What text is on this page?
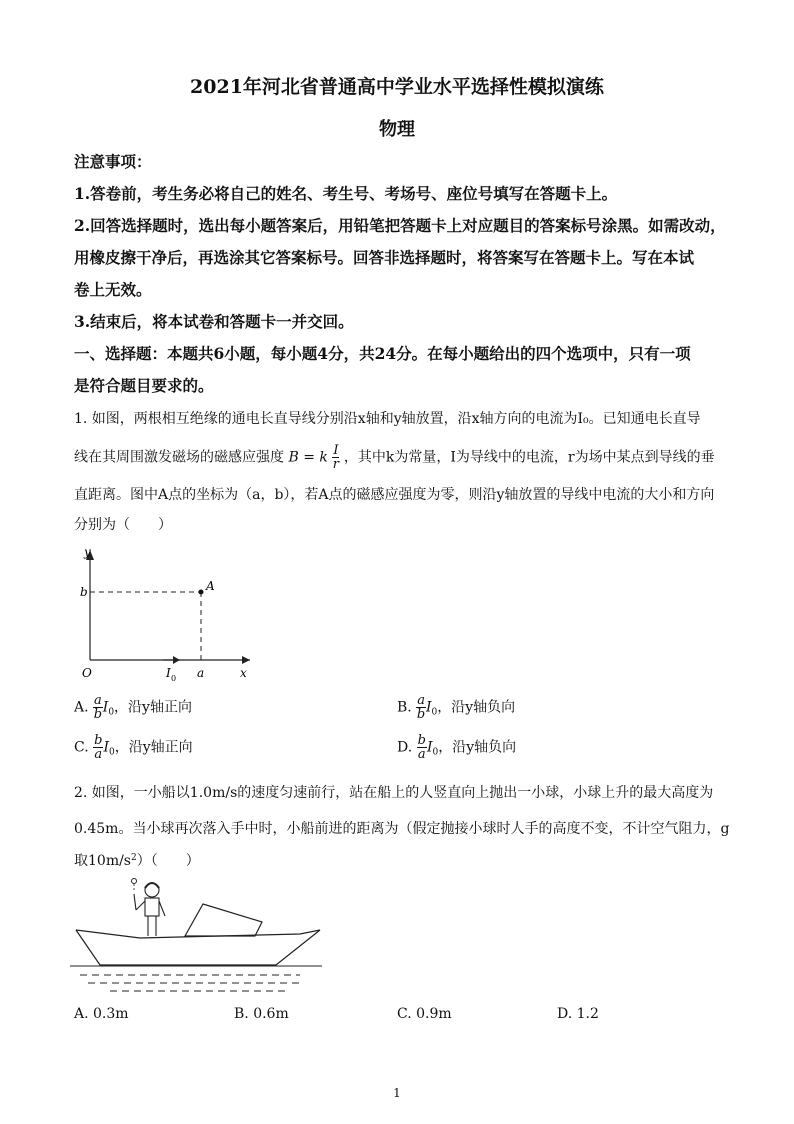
2021年河北省普通高中学业水平选择性模拟演练
物理
注意事项：
1.答卷前，考生务必将自己的姓名、考生号、考场号、座位号填写在答题卡上。
2.回答选择题时，选出每小题答案后，用铅笔把答题卡上对应题目的答案标号涂黑。如需改动，
用橡皮擦干净后，再选涂其它答案标号。回答非选择题时，将答案写在答题卡上。写在本试
卷上无效。
3.结束后，将本试卷和答题卡一并交回。
一、选择题：本题共6小题，每小题4分，共24分。在每小题给出的四个选项中，只有一项
是符合题目要求的。
1. 如图，两根相互绝缘的通电长直导线分别沿x轴和y轴放置，沿x轴方向的电流为I₀。已知通电长直导
线在其周围激发磁场的磁感应强度 B = k $\frac{I}{r}$ ，其中k为常量，I为导线中的电流，r为场中某点到导线的垂
直距离。图中A点的坐标为（a，b），若A点的磁感应强度为零，则沿y轴放置的导线中电流的大小和方向
分别为（　　）
y
x
O
b
a
A
I 0
A. $\frac{a}{b} I_0$，沿y轴正向	B. $\frac{a}{b} I_0$，沿y轴负向
C. $\frac{b}{a} I_0$，沿y轴正向	D. $\frac{b}{a} I_0$，沿y轴负向
2. 如图，一小船以1.0m/s的速度匀速前行，站在船上的人竖直向上抛出一小球，小球上升的最大高度为
0.45m。当小球再次落入手中时，小船前进的距离为（假定抛接小球时人手的高度不变，不计空气阻力，g
取$10m/s^2$）（　　）
A. 0.3m	B. 0.6m	C. 0.9m	D. 1.2
1
